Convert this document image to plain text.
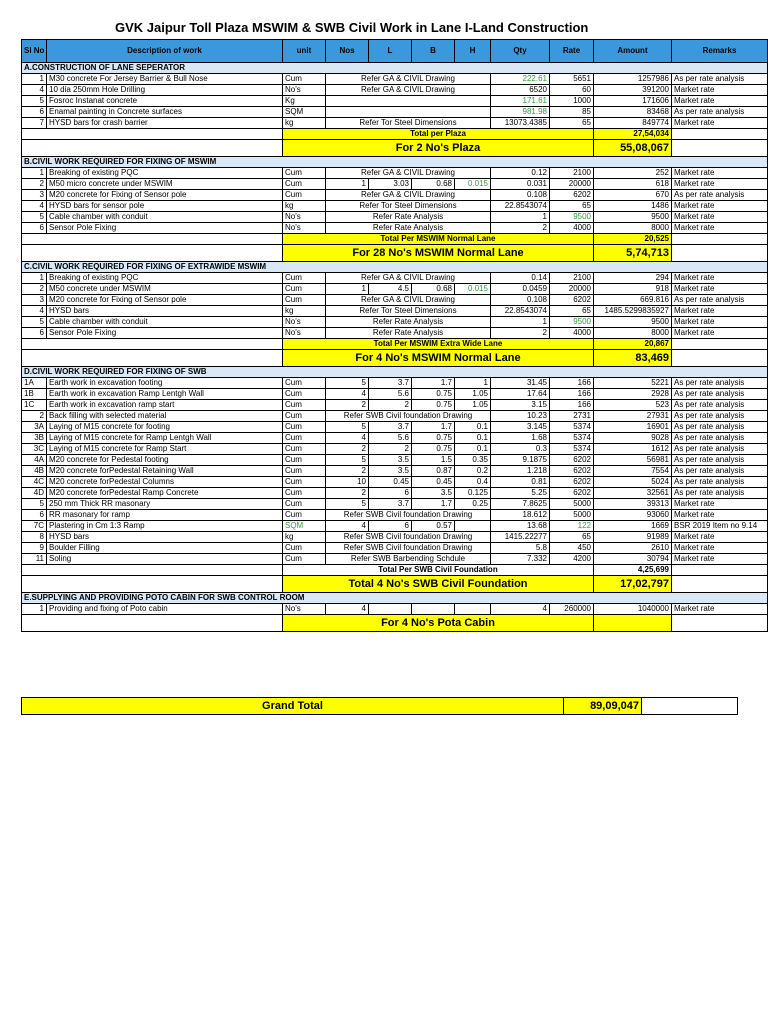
GVK Jaipur Toll Plaza MSWIM & SWB Civil Work in Lane I-Land Construction
Sl No	Description of work	unit	Nos	L	B	H	Qty	Rate	Amount	Remarks
A.CONSTRUCTION OF LANE SEPERATOR										
1	M30 concrete For Jersey Barrier & Bull Nose	Cum	Refer GA & CIVIL Drawing				222.61	5651	1257986	As per rate analysis
4	10 dia 250mm Hole Drilling	No's	Refer GA & CIVIL Drawing				6520	60	391200	Market rate
5	Fosroc Instanat concrete	Kg					171.61	1000	171606	Market rate
6	Enamal painting in Concrete surfaces	SQM					981.98	85	83468	As per rate analysis
7	HYSD bars for crash barrier	kg	Refer Tor Steel Dimensions				13073.4385	65	849774	Market rate
		Total per Plaza							27,54,034	
		For 2 No's Plaza							55,08,067	
B.CIVIL WORK REQUIRED FOR FIXING OF MSWIM										
1	Breaking of existing PQC	Cum	Refer GA & CIVIL Drawing				0.12	2100	252	Market rate
2	M50 micro concrete under MSWIM	Cum	1	3.03	0.68	0.015	0.031	20000	618	Market rate
3	M20 concrete for Fixing of Sensor pole	Cum	Refer GA & CIVIL Drawing				0.108	6202	670	As per rate analysis
4	HYSD bars for sensor pole	kg	Refer Tor Steel Dimensions				22.8543074	65	1486	Market rate
5	Cable chamber with conduit	No's	Refer Rate Analysis				1	9500	9500	Market rate
6	Sensor Pole Fixing	No's	Refer Rate Analysis				2	4000	8000	Market rate
		Total Per MSWIM Normal Lane							20,525	
		For 28 No's MSWIM Normal Lane							5,74,713	
C.CIVIL WORK REQUIRED FOR FIXING OF EXTRAWIDE MSWIM										
1	Breaking of existing PQC	Cum	Refer GA & CIVIL Drawing				0.14	2100	294	Market rate
2	M50 concrete under MSWIM	Cum	1	4.5	0.68	0.015	0.0459	20000	918	Market rate
3	M20 concrete for Fixing of Sensor pole	Cum	Refer GA & CIVIL Drawing				0.108	6202	669.816	As per rate analysis
4	HYSD bars	kg	Refer Tor Steel Dimensions				22.8543074	65	1485.5299835927	Market rate
5	Cable chamber with conduit	No's	Refer Rate Analysis				1	9500	9500	Market rate
6	Sensor Pole Fixing	No's	Refer Rate Analysis				2	4000	8000	Market rate
		Total Per MSWIM Extra Wide Lane							20,867	
		For 4 No's MSWIM Normal Lane							83,469	
D.CIVIL WORK REQUIRED FOR FIXING OF SWB										
1A	Earth work in excavation footing	Cum	5	3.7	1.7	1	31.45	166	5221	As per rate analysis
1B	Earth work in excavation Ramp Lentgh Wall	Cum	4	5.6	0.75	1.05	17.64	166	2928	As per rate analysis
1C	Earth work in excavation ramp start	Cum	2	2	0.75	1.05	3.15	166	523	As per rate analysis
2	Back filling with selected material	Cum	Refer SWB Civil foundation Drawing				10.23	2731	27931	As per rate analysis
3A	Laying of M15 concrete for footing	Cum	5	3.7	1.7	0.1	3.145	5374	16901	As per rate analysis
3B	Laying of M15 concrete for Ramp Lentgh Wall	Cum	4	5.6	0.75	0.1	1.68	5374	9028	As per rate analysis
3C	Laying of M15 concrete for Ramp Start	Cum	2	2	0.75	0.1	0.3	5374	1612	As per rate analysis
4A	M20 concrete for Pedestal footing	Cum	5	3.5	1.5	0.35	9.1875	6202	56981	As per rate analysis
4B	M20 concrete forPedestal Retaining Wall	Cum	2	3.5	0.87	0.2	1.218	6202	7554	As per rate analysis
4C	M20 concrete forPedestal Columns	Cum	10	0.45	0.45	0.4	0.81	6202	5024	As per rate analysis
4D	M20 concrete forPedestal Ramp Concrete	Cum	2	6	3.5	0.125	5.25	6202	32561	As per rate analysis
5	250 mm Thick RR masonary	Cum	5	3.7	1.7	0.25	7.8625	5000	39313	Market rate
6	RR masonary for ramp	Cum	Refer SWB Civil foundation Drawing				18.612	5000	93060	Market rate
7C	Plastering in Cm 1:3 Ramp	SQM	4	6	0.57		13.68	122	1669	BSR 2019 Item no 9.14
8	HYSD bars	kg	Refer SWB Civil foundation Drawing				1415.22277	65	91989	Market rate
9	Boulder Filling	Cum	Refer SWB Civil foundation Drawing				5.8	450	2610	Market rate
11	Soling	Cum	Refer SWB Barbending Schdule				7.332	4200	30794	Market rate
		Total Per SWB Civil Foundation							4,25,699	
		Total 4 No's SWB Civil Foundation							17,02,797	
E.SUPPLYING AND PROVIDING POTO CABIN FOR SWB CONTROL ROOM										
1	Providing and fixing of Poto cabin	No's	4				4	260000	1040000	Market rate
		For 4 No's Pota Cabin								
Grand Total	89,09,047	
